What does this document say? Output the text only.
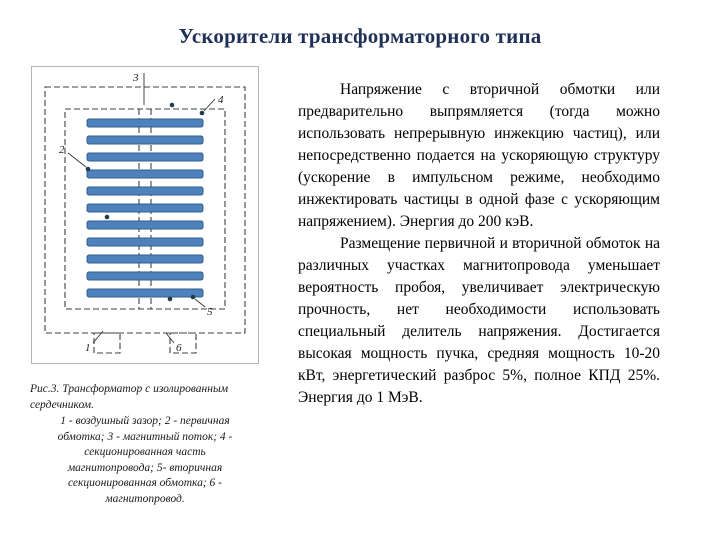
Ускорители трансформаторного типа
3
4
2
1
5
6
Рис.3. Трансформатор с изолированным сердечником.
1 - воздушный зазор; 2 - первичная обмотка; 3 - магнитный поток; 4 - секционированная часть магнитопровода; 5- вторичная секционированная обмотка; 6 - магнитопровод.

Напряжение с вторичной обмотки или предварительно выпрямляется (тогда можно использовать непрерывную инжекцию частиц), или непосредственно подается на ускоряющую структуру (ускорение в импульсном режиме, необходимо инжектировать частицы в одной фазе с ускоряющим напряжением). Энергия до 200 кэВ.

Размещение первичной и вторичной обмоток на различных участках магнитопровода уменьшает вероятность пробоя, увеличивает электрическую прочность, нет необходимости использовать специальный делитель напряжения. Достигается высокая мощность пучка, средняя мощность 10-20 кВт, энергетический разброс 5%, полное КПД 25%. Энергия до 1 МэВ.
